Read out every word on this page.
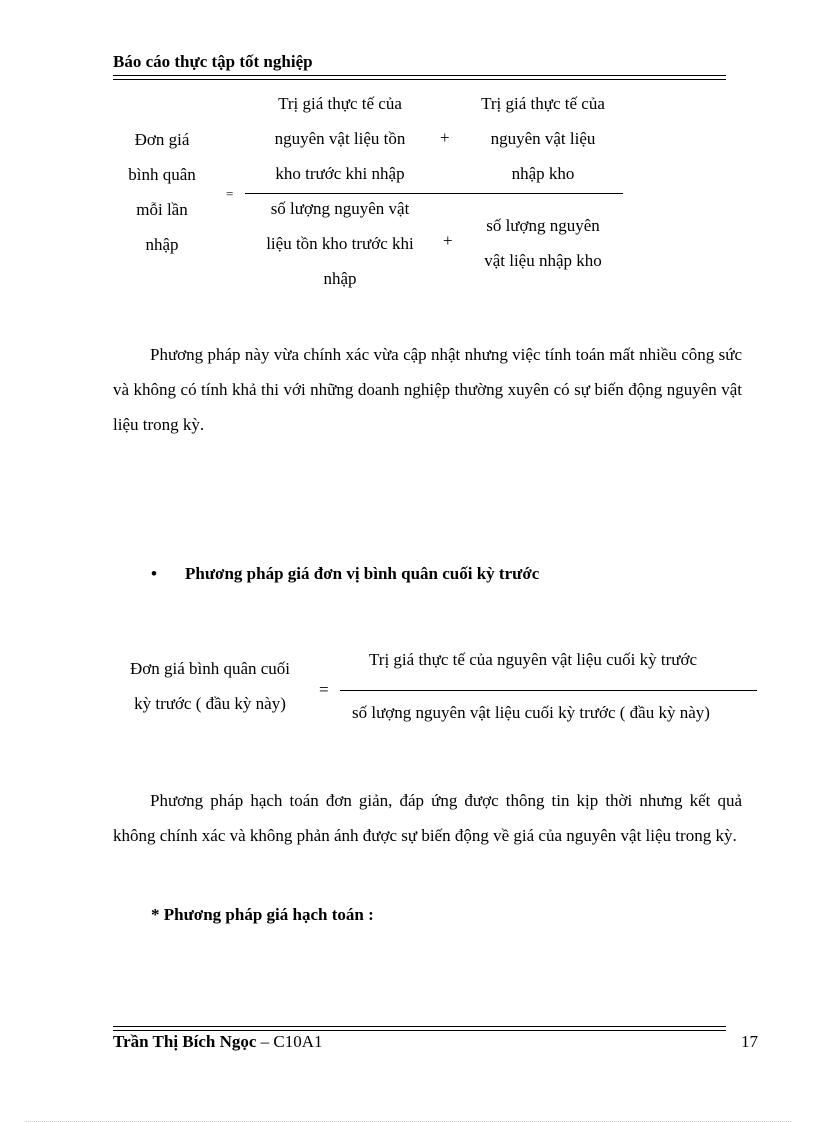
Báo cáo thực tập tốt nghiệp
Đơn giá
bình quân
mỗi lần
nhập
=
Trị giá thực tế của
nguyên vật liệu tồn
kho trước khi nhập
+
Trị giá thực tế của
nguyên vật liệu
nhập kho
số lượng nguyên vật
liệu tồn kho trước khi
nhập
+
số lượng nguyên
vật liệu nhập kho
Phương pháp này vừa chính xác vừa cập nhật nhưng việc tính toán mất nhiều công sức và không có tính khả thi với những doanh nghiệp thường xuyên có sự biến động nguyên vật liệu trong kỳ.
• Phương pháp giá đơn vị bình quân cuối kỳ trước
Đơn giá bình quân cuối
kỳ trước ( đầu kỳ này)
=
Trị giá thực tế của nguyên vật liệu cuối kỳ trước
số lượng nguyên vật liệu cuối kỳ trước ( đầu kỳ này)
Phương pháp hạch toán đơn giản, đáp ứng được thông tin kịp thời nhưng kết quả không chính xác và không phản ánh được sự biến động về giá của nguyên vật liệu trong kỳ.
* Phương pháp giá hạch toán :
Trần Thị Bích Ngọc – C10A1	17
